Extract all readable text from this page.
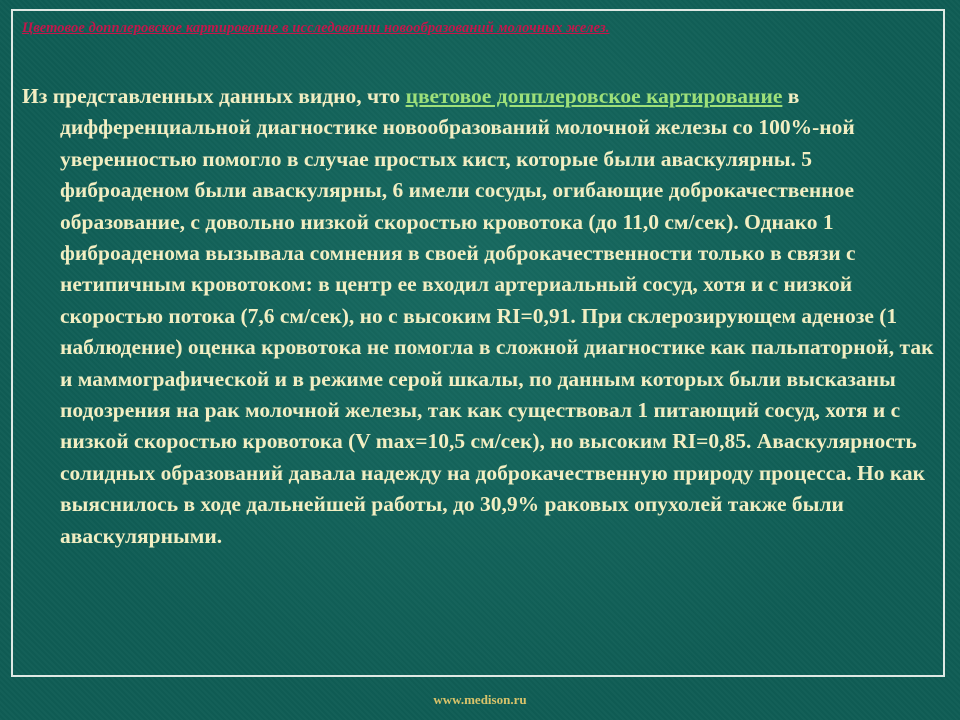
Цветовое допплеровское картирование в исследовании новообразований молочных желез.

Из представленных данных видно, что цветовое допплеровское картирование в дифференциальной диагностике новообразований молочной железы со 100%-ной уверенностью помогло в случае простых кист, которые были аваскулярны. 5 фиброаденом были аваскулярны, 6 имели сосуды, огибающие доброкачественное образование, с довольно низкой скоростью кровотока (до 11,0 см/сек). Однако 1 фиброаденома вызывала сомнения в своей доброкачественности только в связи с нетипичным кровотоком: в центр ее входил артериальный сосуд, хотя и с низкой скоростью потока (7,6 см/сек), но с высоким RI=0,91. При склерозирующем аденозе (1 наблюдение) оценка кровотока не помогла в сложной диагностике как пальпаторной, так и маммографической и в режиме серой шкалы, по данным которых были высказаны подозрения на рак молочной железы, так как существовал 1 питающий сосуд, хотя и с низкой скоростью кровотока (V max=10,5 см/сек), но высоким RI=0,85. Аваскулярность солидных образований давала надежду на доброкачественную природу процесса. Но как выяснилось в ходе дальнейшей работы, до 30,9% раковых опухолей также были аваскулярными.

www.medison.ru
